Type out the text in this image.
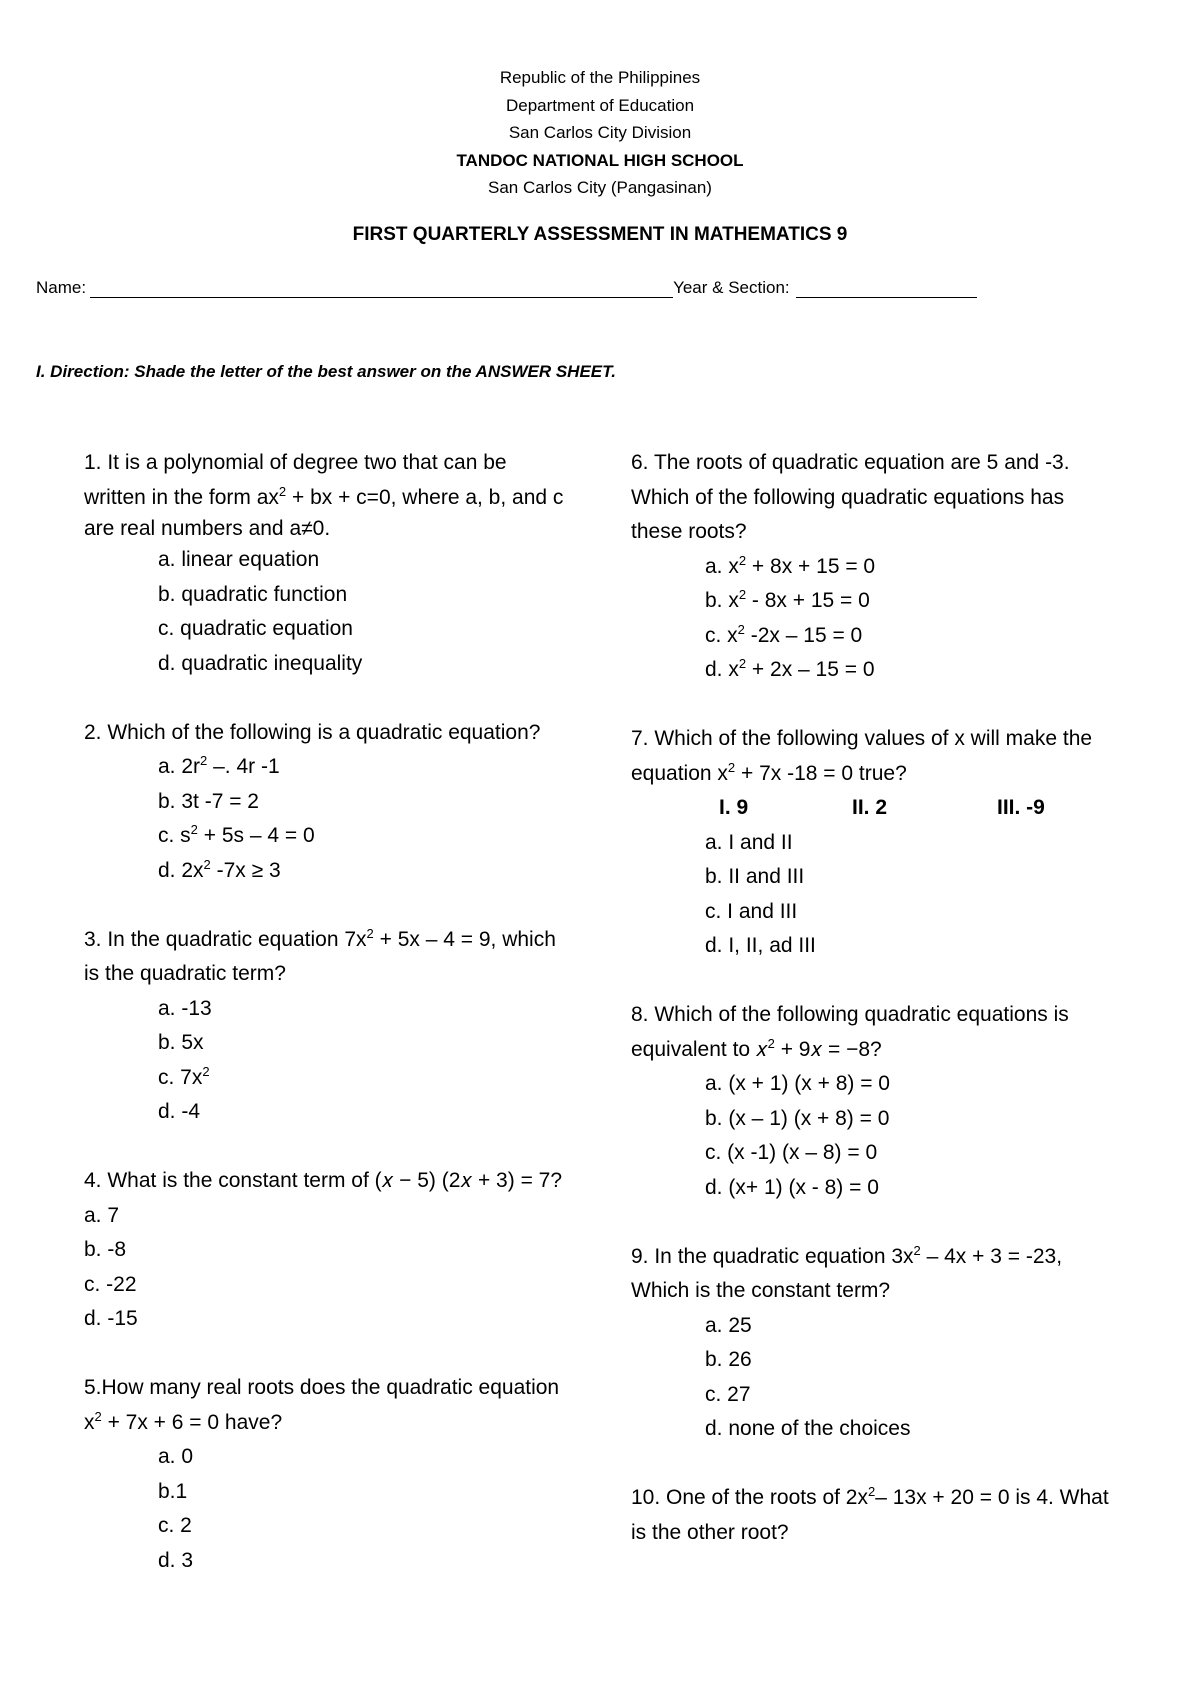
Republic of the Philippines
Department of Education
San Carlos City Division
TANDOC NATIONAL HIGH SCHOOL
San Carlos City (Pangasinan)
FIRST QUARTERLY ASSESSMENT IN MATHEMATICS 9
Name:	Year & Section:
I. Direction: Shade the letter of the best answer on the ANSWER SHEET.
1. It is a polynomial of degree two that can be
written in the form $ax^2$ + bx + c=0, where a, b, and c
are real numbers and a≠0.
a. linear equation
b. quadratic function
c. quadratic equation
d. quadratic inequality
2. Which of the following is a quadratic equation?
a. $2r^2$ –. 4r -1
b. 3t -7 = 2
c. $s^2 + 5s - 4 = 0$
d. $2x^2$ -7x ≥ 3
3. In the quadratic equation $7x^2 + 5x - 4 = 9$, which
is the quadratic term?
a. -13
b. 5x
c. $7x^2$
d. -4
4. What is the constant term of (𝑥 − 5) (2𝑥 + 3) = 7?
a. 7
b. -8
c. -22
d. -15
5.How many real roots does the quadratic equation
$x^2 + 7x + 6 = 0$ have?
a. 0
b.1
c. 2
d. 3
6. The roots of quadratic equation are 5 and -3.
Which of the following quadratic equations has
these roots?
a. $x^2 + 8x + 15 = 0$
b. $x^2 - 8x + 15 = 0$
c. $x^2$ -2x – 15 = 0
d. $x^2 + 2x - 15 = 0$
7. Which of the following values of x will make the
equation $x^2 + 7x$ -18 = 0 true?
I. 9	II. 2	III. -9
a. I and II
b. II and III
c. I and III
d. I, II, ad III
8. Which of the following quadratic equations is
equivalent to 𝑥$^2$ + 9𝑥 = −8?
a. (x + 1) (x + 8) = 0
b. (x – 1) (x + 8) = 0
c. (x -1) (x – 8) = 0
d. (x+ 1) (x - 8) = 0
9. In the quadratic equation $3x^2 - 4x + 3 = -23$,
Which is the constant term?
a. 25
b. 26
c. 27
d. none of the choices
10. One of the roots of $2x^2-$ 13x + 20 = 0 is 4. What
is the other root?
